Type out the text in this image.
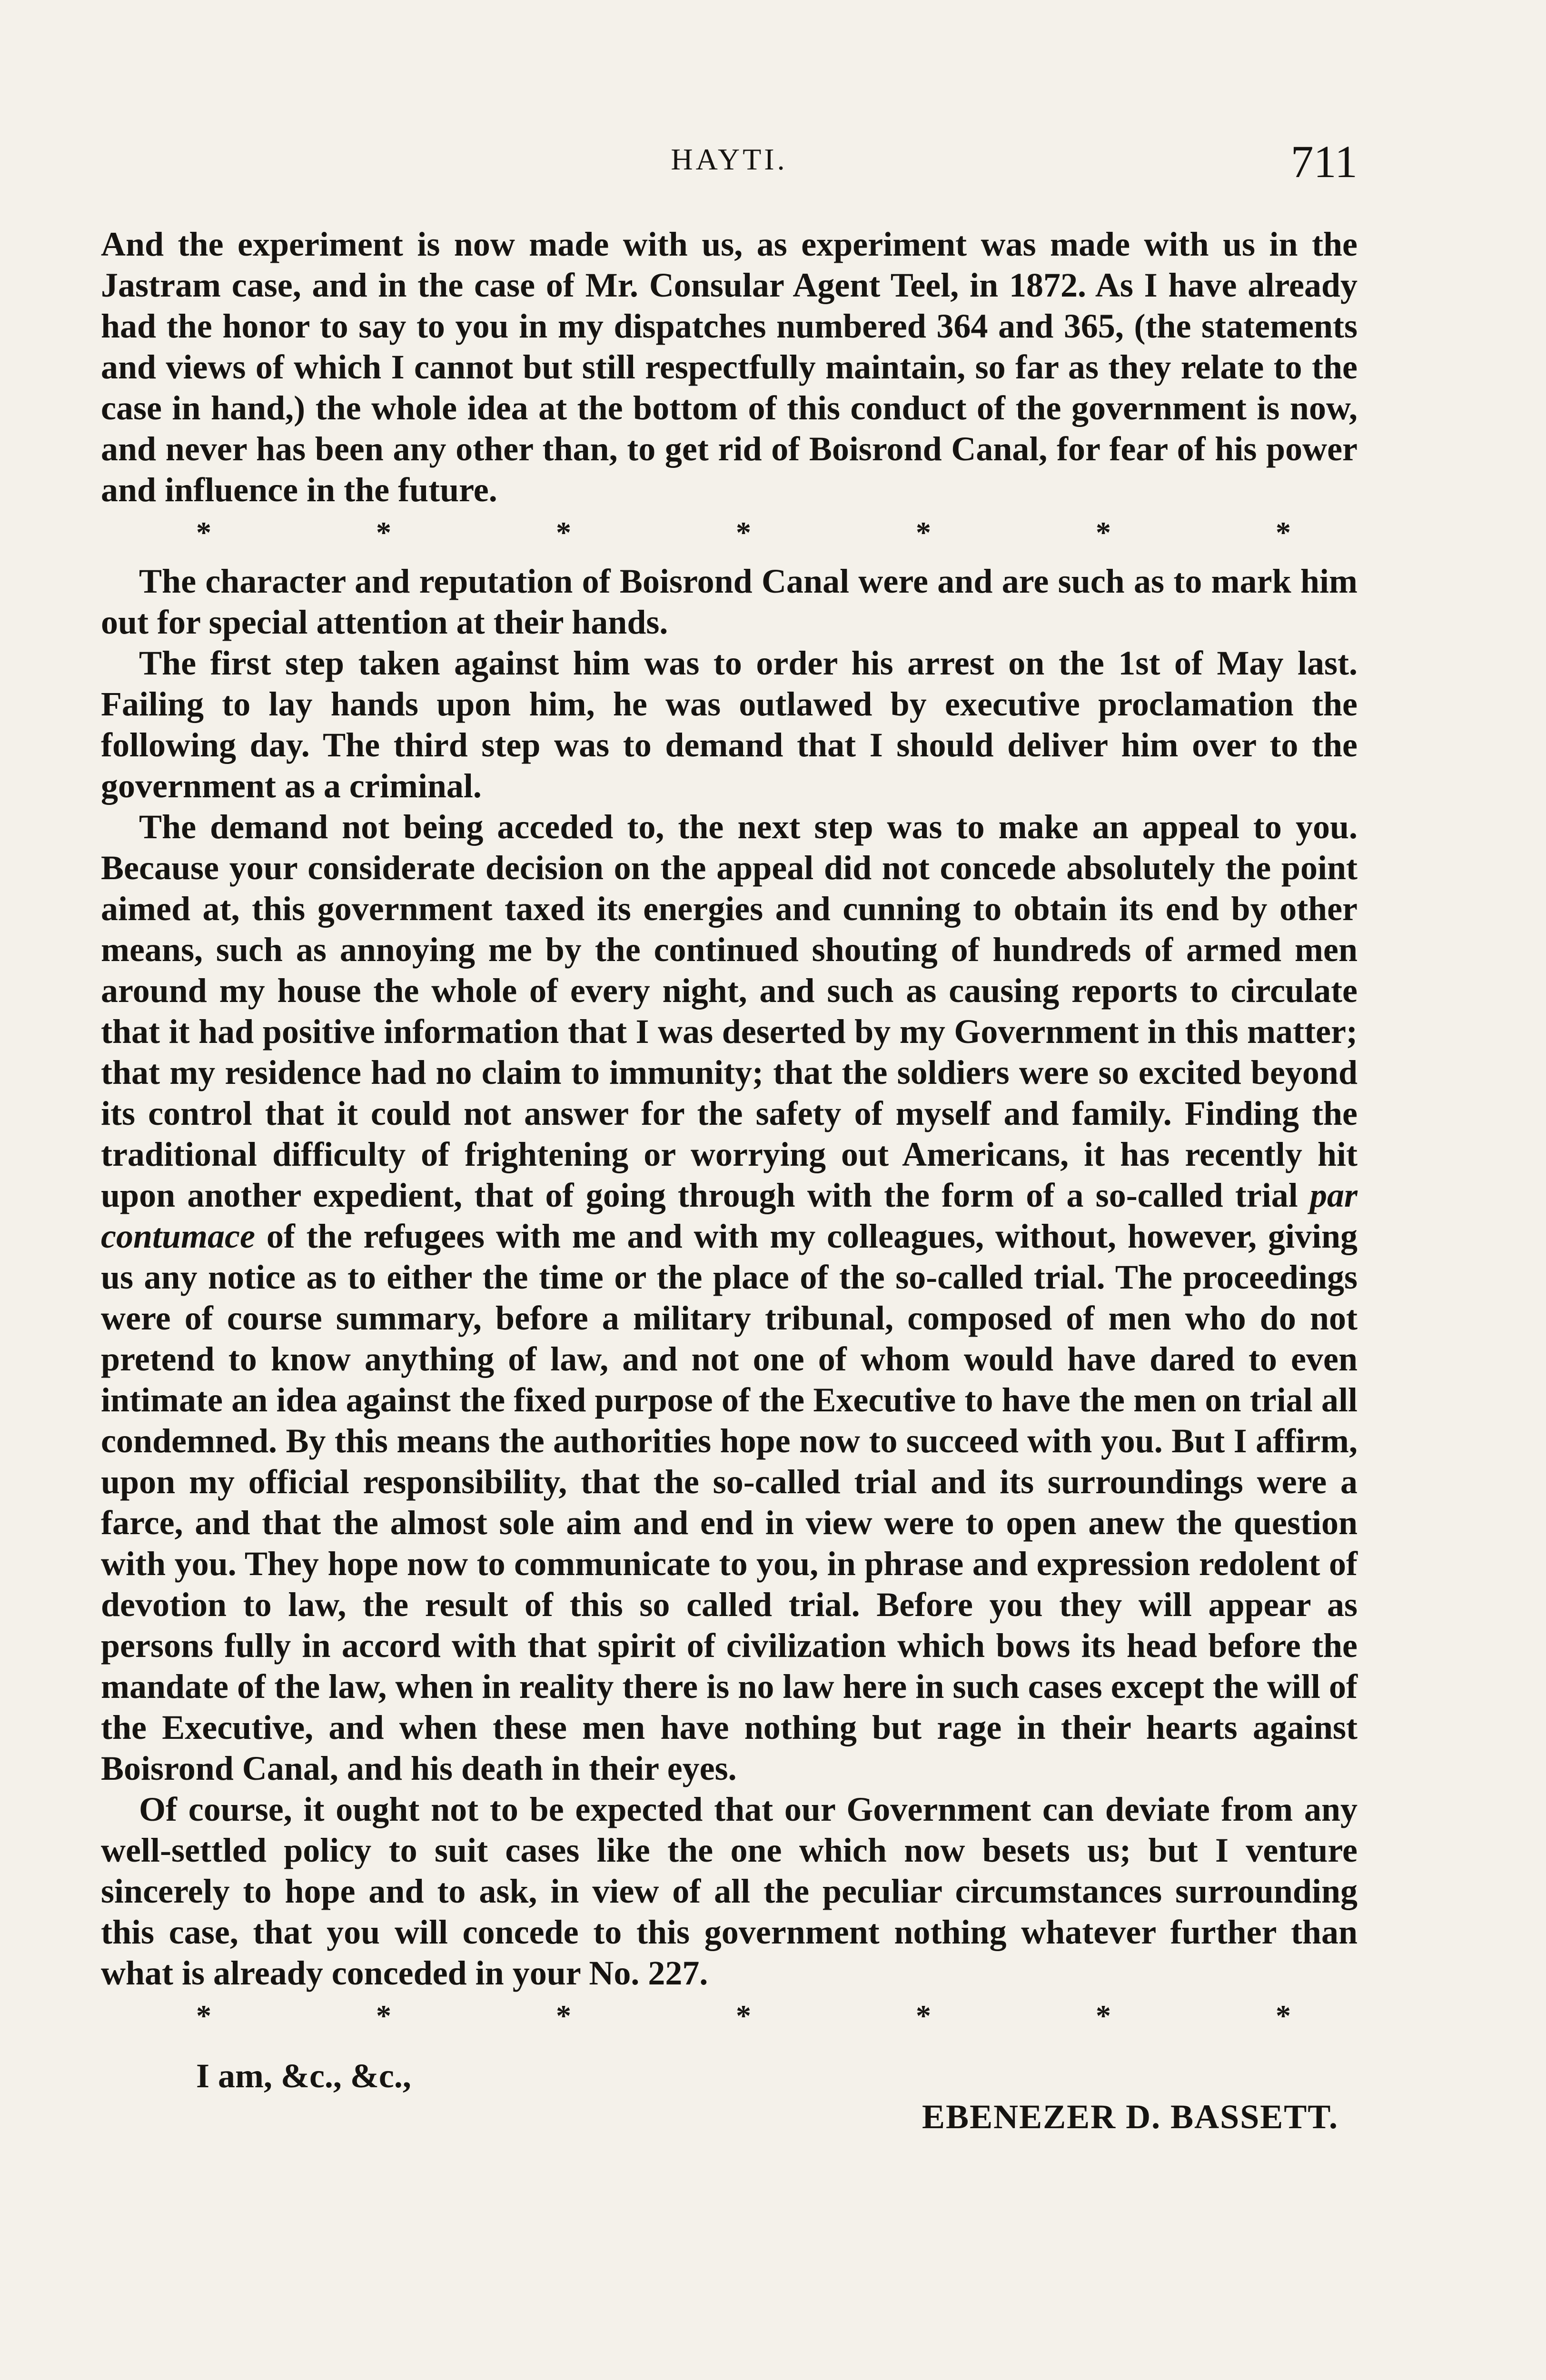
HAYTI.	711

And the experiment is now made with us, as experiment was made with us in the Jastram case, and in the case of Mr. Consular Agent Teel, in 1872. As I have already had the honor to say to you in my dispatches numbered 364 and 365, (the statements and views of which I cannot but still respectfully maintain, so far as they relate to the case in hand,) the whole idea at the bottom of this conduct of the government is now, and never has been any other than, to get rid of Boisrond Canal, for fear of his power and influence in the future.

*	*	*	*	*	*	*

The character and reputation of Boisrond Canal were and are such as to mark him out for special attention at their hands.

The first step taken against him was to order his arrest on the 1st of May last. Failing to lay hands upon him, he was outlawed by executive proclamation the following day. The third step was to demand that I should deliver him over to the government as a criminal.

The demand not being acceded to, the next step was to make an appeal to you. Because your considerate decision on the appeal did not concede absolutely the point aimed at, this government taxed its energies and cunning to obtain its end by other means, such as annoying me by the continued shouting of hundreds of armed men around my house the whole of every night, and such as causing reports to circulate that it had positive information that I was deserted by my Government in this matter; that my residence had no claim to immunity; that the soldiers were so excited beyond its control that it could not answer for the safety of myself and family. Finding the traditional difficulty of frightening or worrying out Americans, it has recently hit upon another expedient, that of going through with the form of a so-called trial par contumace of the refugees with me and with my colleagues, without, however, giving us any notice as to either the time or the place of the so-called trial. The proceedings were of course summary, before a military tribunal, composed of men who do not pretend to know anything of law, and not one of whom would have dared to even intimate an idea against the fixed purpose of the Executive to have the men on trial all condemned. By this means the authorities hope now to succeed with you. But I affirm, upon my official responsibility, that the so-called trial and its surroundings were a farce, and that the almost sole aim and end in view were to open anew the question with you. They hope now to communicate to you, in phrase and expression redolent of devotion to law, the result of this so called trial. Before you they will appear as persons fully in accord with that spirit of civilization which bows its head before the mandate of the law, when in reality there is no law here in such cases except the will of the Executive, and when these men have nothing but rage in their hearts against Boisrond Canal, and his death in their eyes.

Of course, it ought not to be expected that our Government can deviate from any well-settled policy to suit cases like the one which now besets us; but I venture sincerely to hope and to ask, in view of all the peculiar circumstances surrounding this case, that you will concede to this government nothing whatever further than what is already conceded in your No. 227.

*	*	*	*	*	*	*

I am, &c., &c.,

EBENEZER D. BASSETT.
